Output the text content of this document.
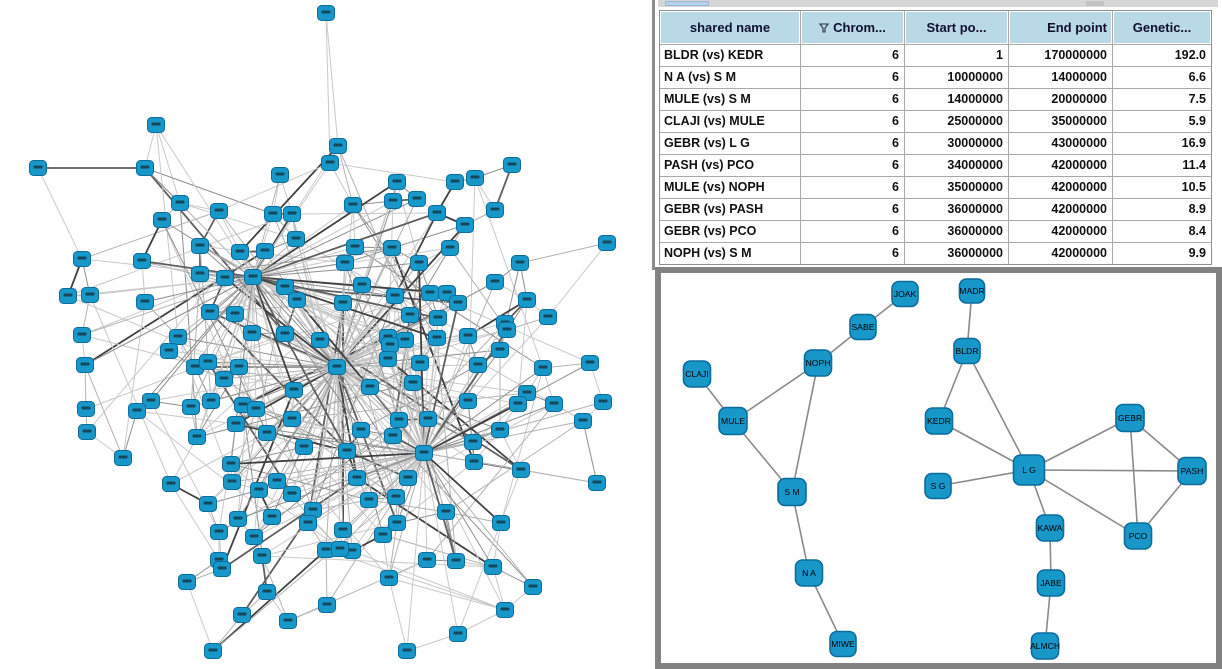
shared name	Chrom...	Start po...	End point	Genetic...
BLDR (vs) KEDR	6	1	170000000	192.0
N A (vs) S M	6	10000000	14000000	6.6
MULE (vs) S M	6	14000000	20000000	7.5
CLAJI (vs) MULE	6	25000000	35000000	5.9
GEBR (vs) L G	6	30000000	43000000	16.9
PASH (vs) PCO	6	34000000	42000000	11.4
MULE (vs) NOPH	6	35000000	42000000	10.5
GEBR (vs) PASH	6	36000000	42000000	8.9
GEBR (vs) PCO	6	36000000	42000000	8.4
NOPH (vs) S M	6	36000000	42000000	9.9
JOAK
SABE
MADR
BLDR
NOPH
CLAJI
MULE	KEDR	GEBR
L G	PASH
S G
S M
KAWA
PCO
N A
JABE
MIWE	ALMCH
